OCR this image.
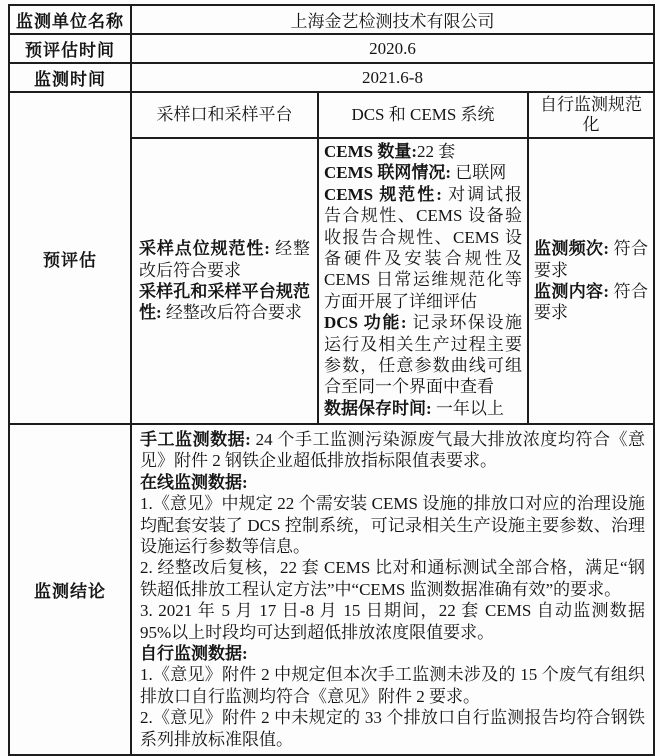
监测单位名称	上海金艺检测技术有限公司		
预评估时间	2020.6		
监测时间	2021.6-8		
预评估	采样口和采样平台	DCS 和 CEMS 系统	自行监测规范化

采样点位规范性: 经整改后符合要求
采样孔和采样平台规范性: 经整改后符合要求

CEMS 数量:22 套
CEMS 联网情况: 已联网
CEMS 规范性: 对调试报告合规性、CEMS 设备验收报告合规性、CEMS 设备硬件及安装合规性及 CEMS 日常运维规范化等方面开展了详细评估
DCS 功能: 记录环保设施运行及相关生产过程主要参数，任意参数曲线可组合至同一个界面中查看
数据保存时间: 一年以上

监测频次: 符合要求
监测内容: 符合要求

监测结论	
手工监测数据: 24 个手工监测污染源废气最大排放浓度均符合《意见》附件 2 钢铁企业超低排放指标限值表要求。
在线监测数据:
1.《意见》中规定 22 个需安装 CEMS 设施的排放口对应的治理设施均配套安装了 DCS 控制系统，可记录相关生产设施主要参数、治理设施运行参数等信息。
2. 经整改后复核，22 套 CEMS 比对和通标测试全部合格，满足“钢铁超低排放工程认定方法”中“CEMS 监测数据准确有效”的要求。
3. 2021 年 5 月 17 日-8 月 15 日期间，22 套 CEMS 自动监测数据 95%以上时段均可达到超低排放浓度限值要求。
自行监测数据:
1.《意见》附件 2 中规定但本次手工监测未涉及的 15 个废气有组织排放口自行监测均符合《意见》附件 2 要求。
2.《意见》附件 2 中未规定的 33 个排放口自行监测报告均符合钢铁系列排放标准限值。
